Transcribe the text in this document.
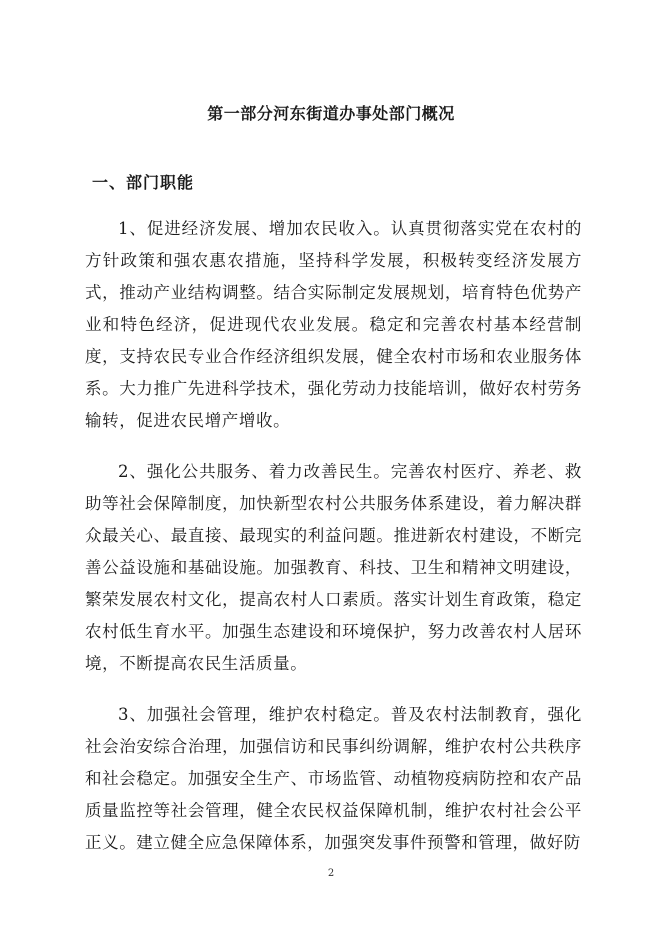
第一部分河东街道办事处部门概况
一、部门职能

1、促进经济发展、增加农民收入。认真贯彻落实党在农村的方针政策和强农惠农措施，坚持科学发展，积极转变经济发展方式，推动产业结构调整。结合实际制定发展规划，培育特色优势产业和特色经济，促进现代农业发展。稳定和完善农村基本经营制度，支持农民专业合作经济组织发展，健全农村市场和农业服务体系。大力推广先进科学技术，强化劳动力技能培训，做好农村劳务输转，促进农民增产增收。

2、强化公共服务、着力改善民生。完善农村医疗、养老、救助等社会保障制度，加快新型农村公共服务体系建设，着力解决群众最关心、最直接、最现实的利益问题。推进新农村建设，不断完善公益设施和基础设施。加强教育、科技、卫生和精神文明建设，繁荣发展农村文化，提高农村人口素质。落实计划生育政策，稳定农村低生育水平。加强生态建设和环境保护，努力改善农村人居环境，不断提高农民生活质量。

3、加强社会管理，维护农村稳定。普及农村法制教育，强化社会治安综合治理，加强信访和民事纠纷调解，维护农村公共秩序和社会稳定。加强安全生产、市场监管、动植物疫病防控和农产品质量监控等社会管理，健全农民权益保障机制，维护农村社会公平正义。建立健全应急保障体系，加强突发事件预警和管理，做好防

2
